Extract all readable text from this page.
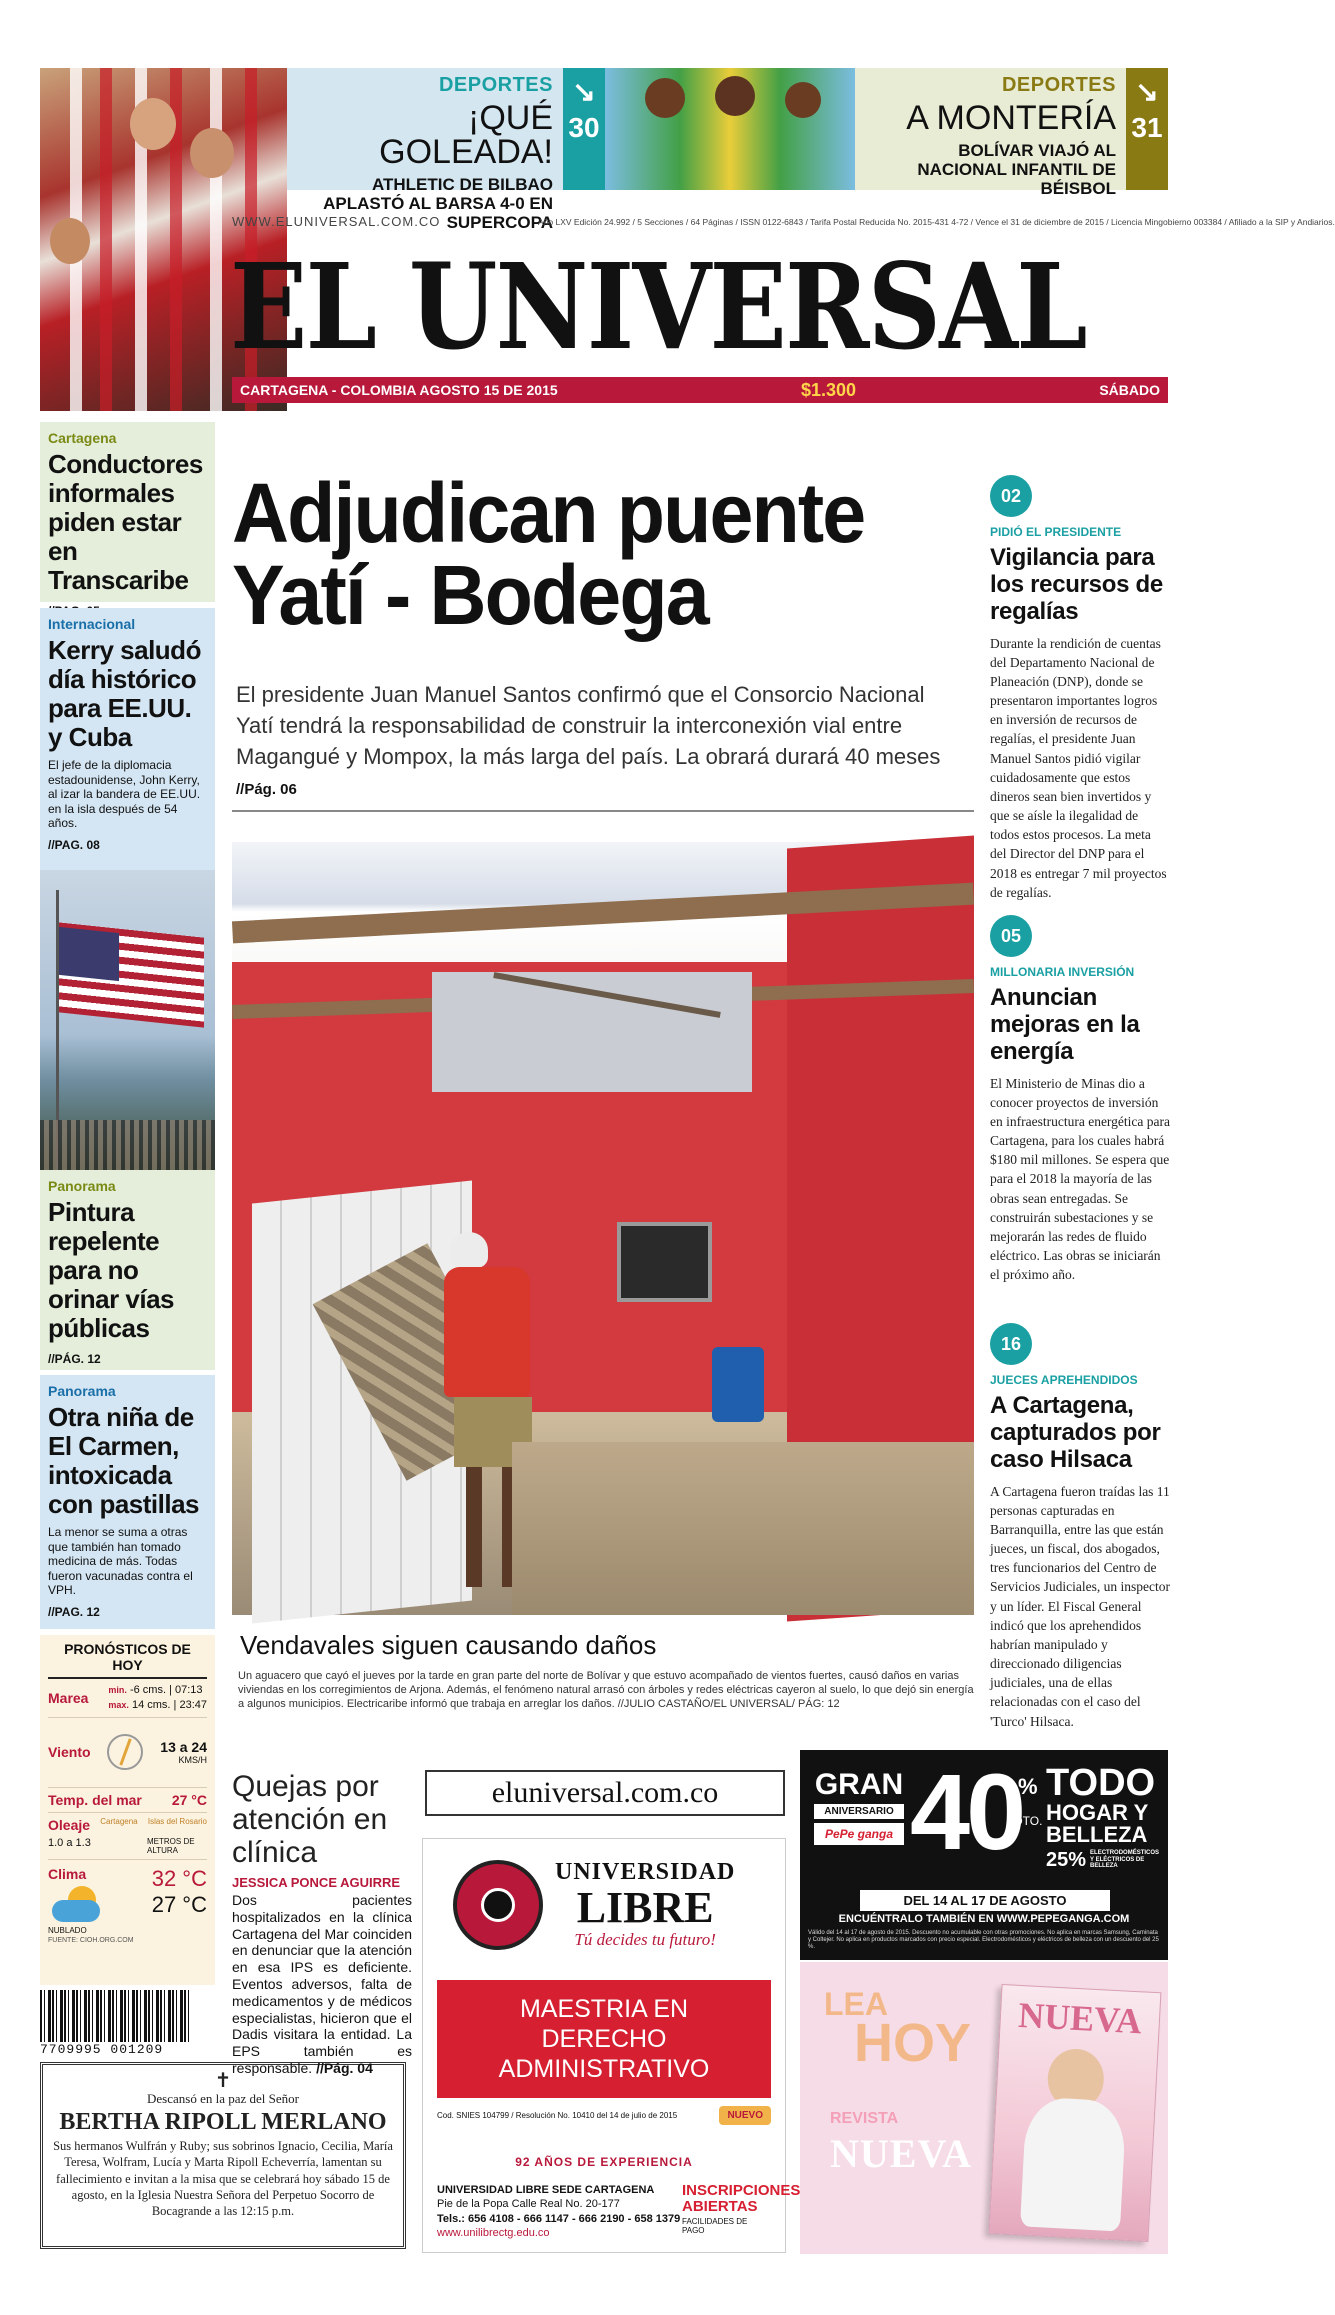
DEPORTES
¡QUÉ GOLEADA!
ATHLETIC DE BILBAO APLASTÓ AL BARSA 4-0 EN SUPERCOPA
↘
30
DEPORTES
A MONTERÍA
BOLÍVAR VIAJÓ AL NACIONAL INFANTIL DE BÉISBOL
↘
31
WWW.ELUNIVERSAL.COM.CO	Año LXV Edición 24.992 / 5 Secciones / 64 Páginas / ISSN 0122-6843 / Tarifa Postal Reducida No. 2015-431 4-72 / Vence el 31 de diciembre de 2015 / Licencia Mingobierno 003384 / Afiliado a la SIP y Andiarios.
EL UNIVERSAL
CARTAGENA - COLOMBIA AGOSTO 15 DE 2015	$1.300	SÁBADO
Cartagena
Conductores informales piden estar en Transcaribe
Internacional
Kerry saludó día histórico para EE.UU. y Cuba
El jefe de la diplomacia estadounidense, John Kerry, al izar la bandera de EE.UU. en la isla después de 54 años.
//PAG. 08
Panorama
Pintura repelente para no orinar vías públicas
//PÁG. 12
Panorama
Otra niña de El Carmen, intoxicada con pastillas
La menor se suma a otras que también han tomado medicina de más. Todas fueron vacunadas contra el VPH.
//PAG. 12
Adjudican puente
Yatí - Bodega
El presidente Juan Manuel Santos confirmó que el Consorcio Nacional Yatí tendrá la responsabilidad de construir la interconexión vial entre Magangué y Mompox, la más larga del país. La obrará durará 40 meses //Pág. 06
Vendavales siguen causando daños
Un aguacero que cayó el jueves por la tarde en gran parte del norte de Bolívar y que estuvo acompañado de vientos fuertes, causó daños en varias viviendas en los corregimientos de Arjona. Además, el fenómeno natural arrasó con árboles y redes eléctricas cayeron al suelo, lo que dejó sin energía a algunos municipios. Electricaribe informó que trabaja en arreglar los daños. //JULIO CASTAÑO/EL UNIVERSAL/ PÁG: 12
02
PIDIÓ EL PRESIDENTE
Vigilancia para los recursos de regalías
Durante la rendición de cuentas del Departamento Nacional de Planeación (DNP), donde se presentaron importantes logros en inversión de recursos de regalías, el presidente Juan Manuel Santos pidió vigilar cuidadosamente que estos dineros sean bien invertidos y que se aísle la ilegalidad de todos estos procesos. La meta del Director del DNP para el 2018 es entregar 7 mil proyectos de regalías.
05
MILLONARIA INVERSIÓN
Anuncian mejoras en la energía
El Ministerio de Minas dio a conocer proyectos de inversión en infraestructura energética para Cartagena, para los cuales habrá $180 mil millones. Se espera que para el 2018 la mayoría de las obras sean entregadas. Se construirán subestaciones y se mejorarán las redes de fluido eléctrico. Las obras se iniciarán el próximo año.
16
JUECES APREHENDIDOS
A Cartagena, capturados por caso Hilsaca
A Cartagena fueron traídas las 11 personas capturadas en Barranquilla, entre las que están jueces, un fiscal, dos abogados, tres funcionarios del Centro de Servicios Judiciales, un inspector y un líder. El Fiscal General indicó que los aprehendidos habrían manipulado y direccionado diligencias judiciales, una de ellas relacionadas con el caso del 'Turco' Hilsaca.
PRONÓSTICOS DE HOY
Marea min. -6 cms. | 07:13
max. 14 cms. | 23:47
Viento	13 a 24
KMS/H
Temp. del mar 27 °C
Oleaje Cartagena Islas del Rosario
1.0 a 1.3	METROS DE ALTURA
Clima
NUBLADO
32 °C
27 °C
FUENTE: CIOH.ORG.COM
7709995 001209
✝
Descansó en la paz del Señor
BERTHA RIPOLL MERLANO
Sus hermanos Wulfrán y Ruby; sus sobrinos Ignacio, Cecilia, María Teresa, Wolfram, Lucía y Marta Ripoll Echeverría, lamentan su fallecimiento e invitan a la misa que se celebrará hoy sábado 15 de agosto, en la Iglesia Nuestra Señora del Perpetuo Socorro de Bocagrande a las 12:15 p.m.
Quejas por atención en clínica
JESSICA PONCE AGUIRRE
Dos pacientes hospitalizados en la clínica Cartagena del Mar coinciden en denunciar que la atención en esa IPS es deficiente. Eventos adversos, falta de medicamentos y de médicos especialistas, hicieron que el Dadis visitara la entidad. La EPS también es responsable. //Pág. 04
eluniversal.com.co
UNIVERSIDAD
LIBRE
Tú decides tu futuro!
MAESTRIA EN DERECHO ADMINISTRATIVO
Cod. SNIES 104799 / Resolución No. 10410 del 14 de julio de 2015	NUEVO
92 AÑOS DE EXPERIENCIA
UNIVERSIDAD LIBRE SEDE CARTAGENA
Pie de la Popa Calle Real No. 20-177
Tels.: 656 4108 - 666 1147 - 666 2190 - 658 1379
www.unilibrectg.edu.co
INSCRIPCIONES ABIERTAS
FACILIDADES DE PAGO
GRAN
ANIVERSARIO
PePe ganga 40
%
DTO.
TODO
HOGAR Y BELLEZA
25% ELECTRODOMÉSTICOS Y ELÉCTRICOS DE BELLEZA
DEL 14 AL 17 DE AGOSTO
ENCUÉNTRALO TAMBIÉN EN WWW.PEPEGANGA.COM
Válido del 14 al 17 de agosto de 2015. Descuento no acumulable con otras promociones. No aplica en marcas Samsung, Caminata y Coltejer. No aplica en productos marcados con precio especial. Electrodomésticos y eléctricos de belleza con un descuento del 25 %.
LEA
HOY
REVISTA
NUEVA
NUEVA
